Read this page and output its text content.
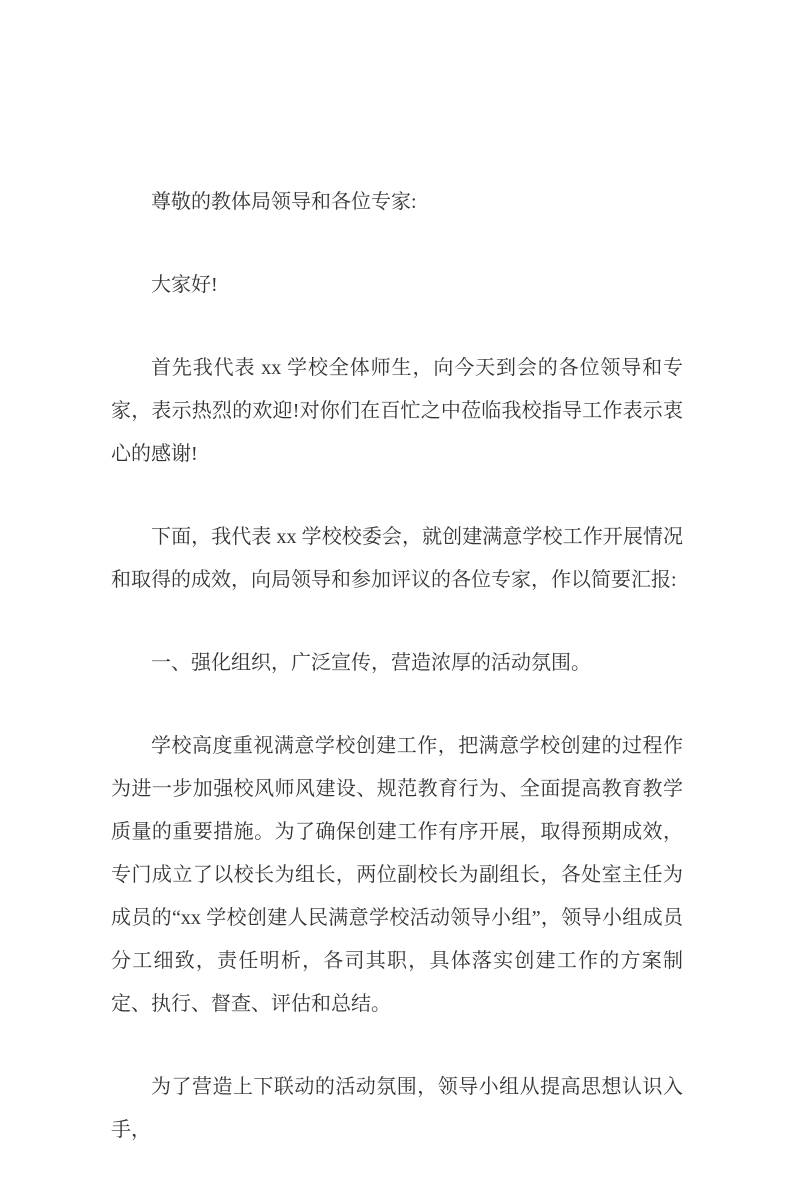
尊敬的教体局领导和各位专家:

大家好!

首先我代表 xx 学校全体师生，向今天到会的各位领导和专家，表示热烈的欢迎!对你们在百忙之中莅临我校指导工作表示衷心的感谢!

下面，我代表 xx 学校校委会，就创建满意学校工作开展情况和取得的成效，向局领导和参加评议的各位专家，作以简要汇报:

一、强化组织，广泛宣传，营造浓厚的活动氛围。

学校高度重视满意学校创建工作，把满意学校创建的过程作为进一步加强校风师风建设、规范教育行为、全面提高教育教学质量的重要措施。为了确保创建工作有序开展，取得预期成效，专门成立了以校长为组长，两位副校长为副组长，各处室主任为成员的“xx 学校创建人民满意学校活动领导小组”，领导小组成员分工细致，责任明析，各司其职，具体落实创建工作的方案制定、执行、督查、评估和总结。

为了营造上下联动的活动氛围，领导小组从提高思想认识入手，
